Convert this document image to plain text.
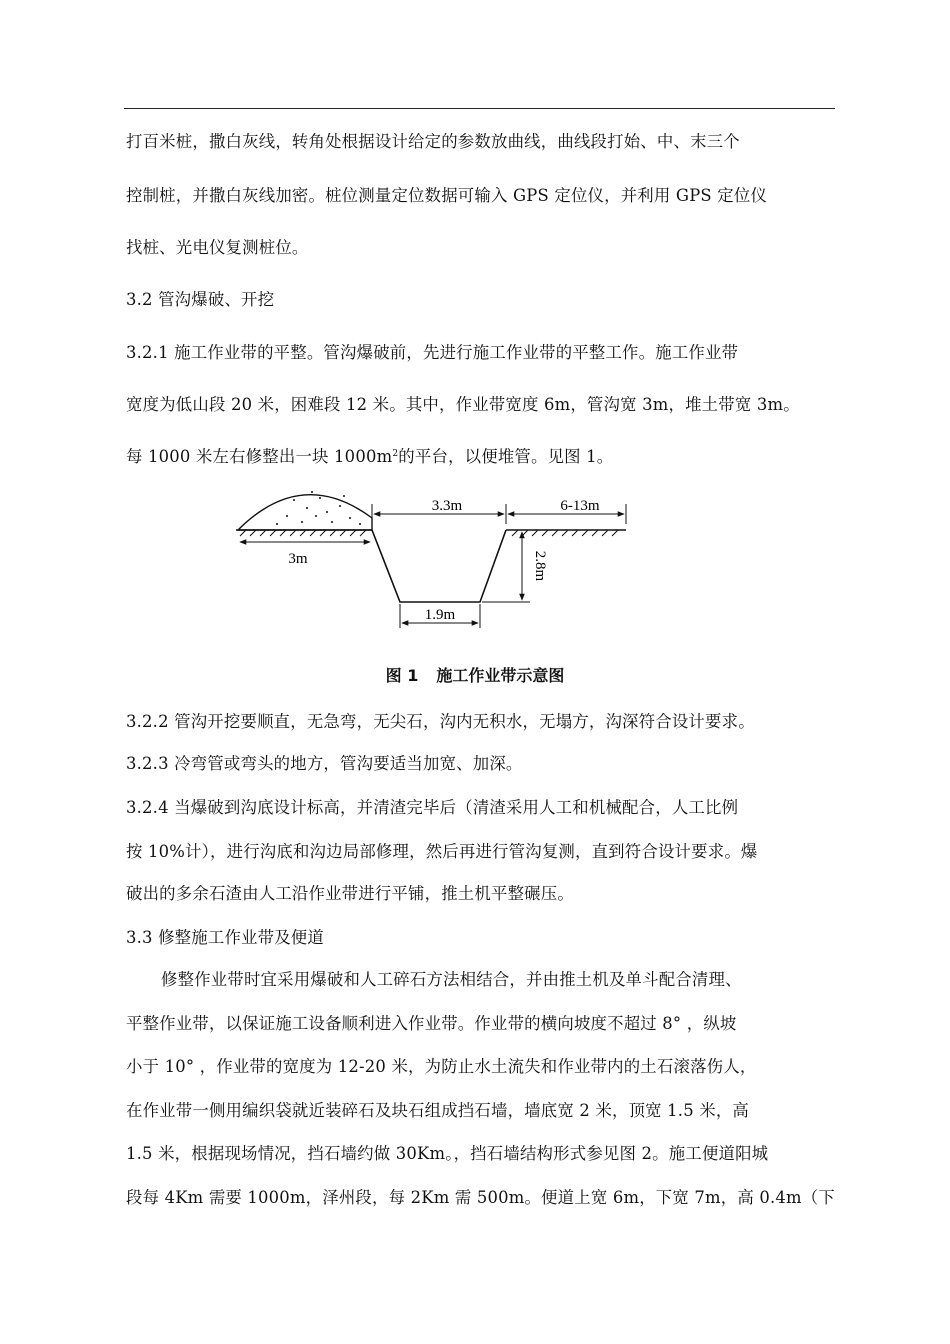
打百米桩，撒白灰线，转角处根据设计给定的参数放曲线，曲线段打始、中、末三个
控制桩，并撒白灰线加密。桩位测量定位数据可输入 GPS 定位仪，并利用 GPS 定位仪
找桩、光电仪复测桩位。
3.2 管沟爆破、开挖
3.2.1 施工作业带的平整。管沟爆破前，先进行施工作业带的平整工作。施工作业带
宽度为低山段 20 米，困难段 12 米。其中，作业带宽度 6m，管沟宽 3m，堆土带宽 3m。
每 1000 米左右修整出一块 $1000m^2$的平台，以便堆管。见图 1。
3.3m	6-13m
3m	2.8m
1.9m
图 1 施工作业带示意图
3.2.2 管沟开挖要顺直，无急弯，无尖石，沟内无积水，无塌方，沟深符合设计要求。
3.2.3 冷弯管或弯头的地方，管沟要适当加宽、加深。
3.2.4 当爆破到沟底设计标高，并清渣完毕后（清渣采用人工和机械配合，人工比例
按 10%计），进行沟底和沟边局部修理，然后再进行管沟复测，直到符合设计要求。爆
破出的多余石渣由人工沿作业带进行平铺，推土机平整碾压。
3.3 修整施工作业带及便道
修整作业带时宜采用爆破和人工碎石方法相结合，并由推土机及单斗配合清理、
平整作业带，以保证施工设备顺利进入作业带。作业带的横向坡度不超过 8° ，纵坡
小于 10° ，作业带的宽度为 12-20 米，为防止水土流失和作业带内的土石滚落伤人，
在作业带一侧用编织袋就近装碎石及块石组成挡石墙，墙底宽 2 米，顶宽 1.5 米，高
1.5 米，根据现场情况，挡石墙约做 30Km。，挡石墙结构形式参见图 2。施工便道阳城
段每 4Km 需要 1000m，泽州段，每 2Km 需 500m。便道上宽 6m，下宽 7m，高 0.4m（下
